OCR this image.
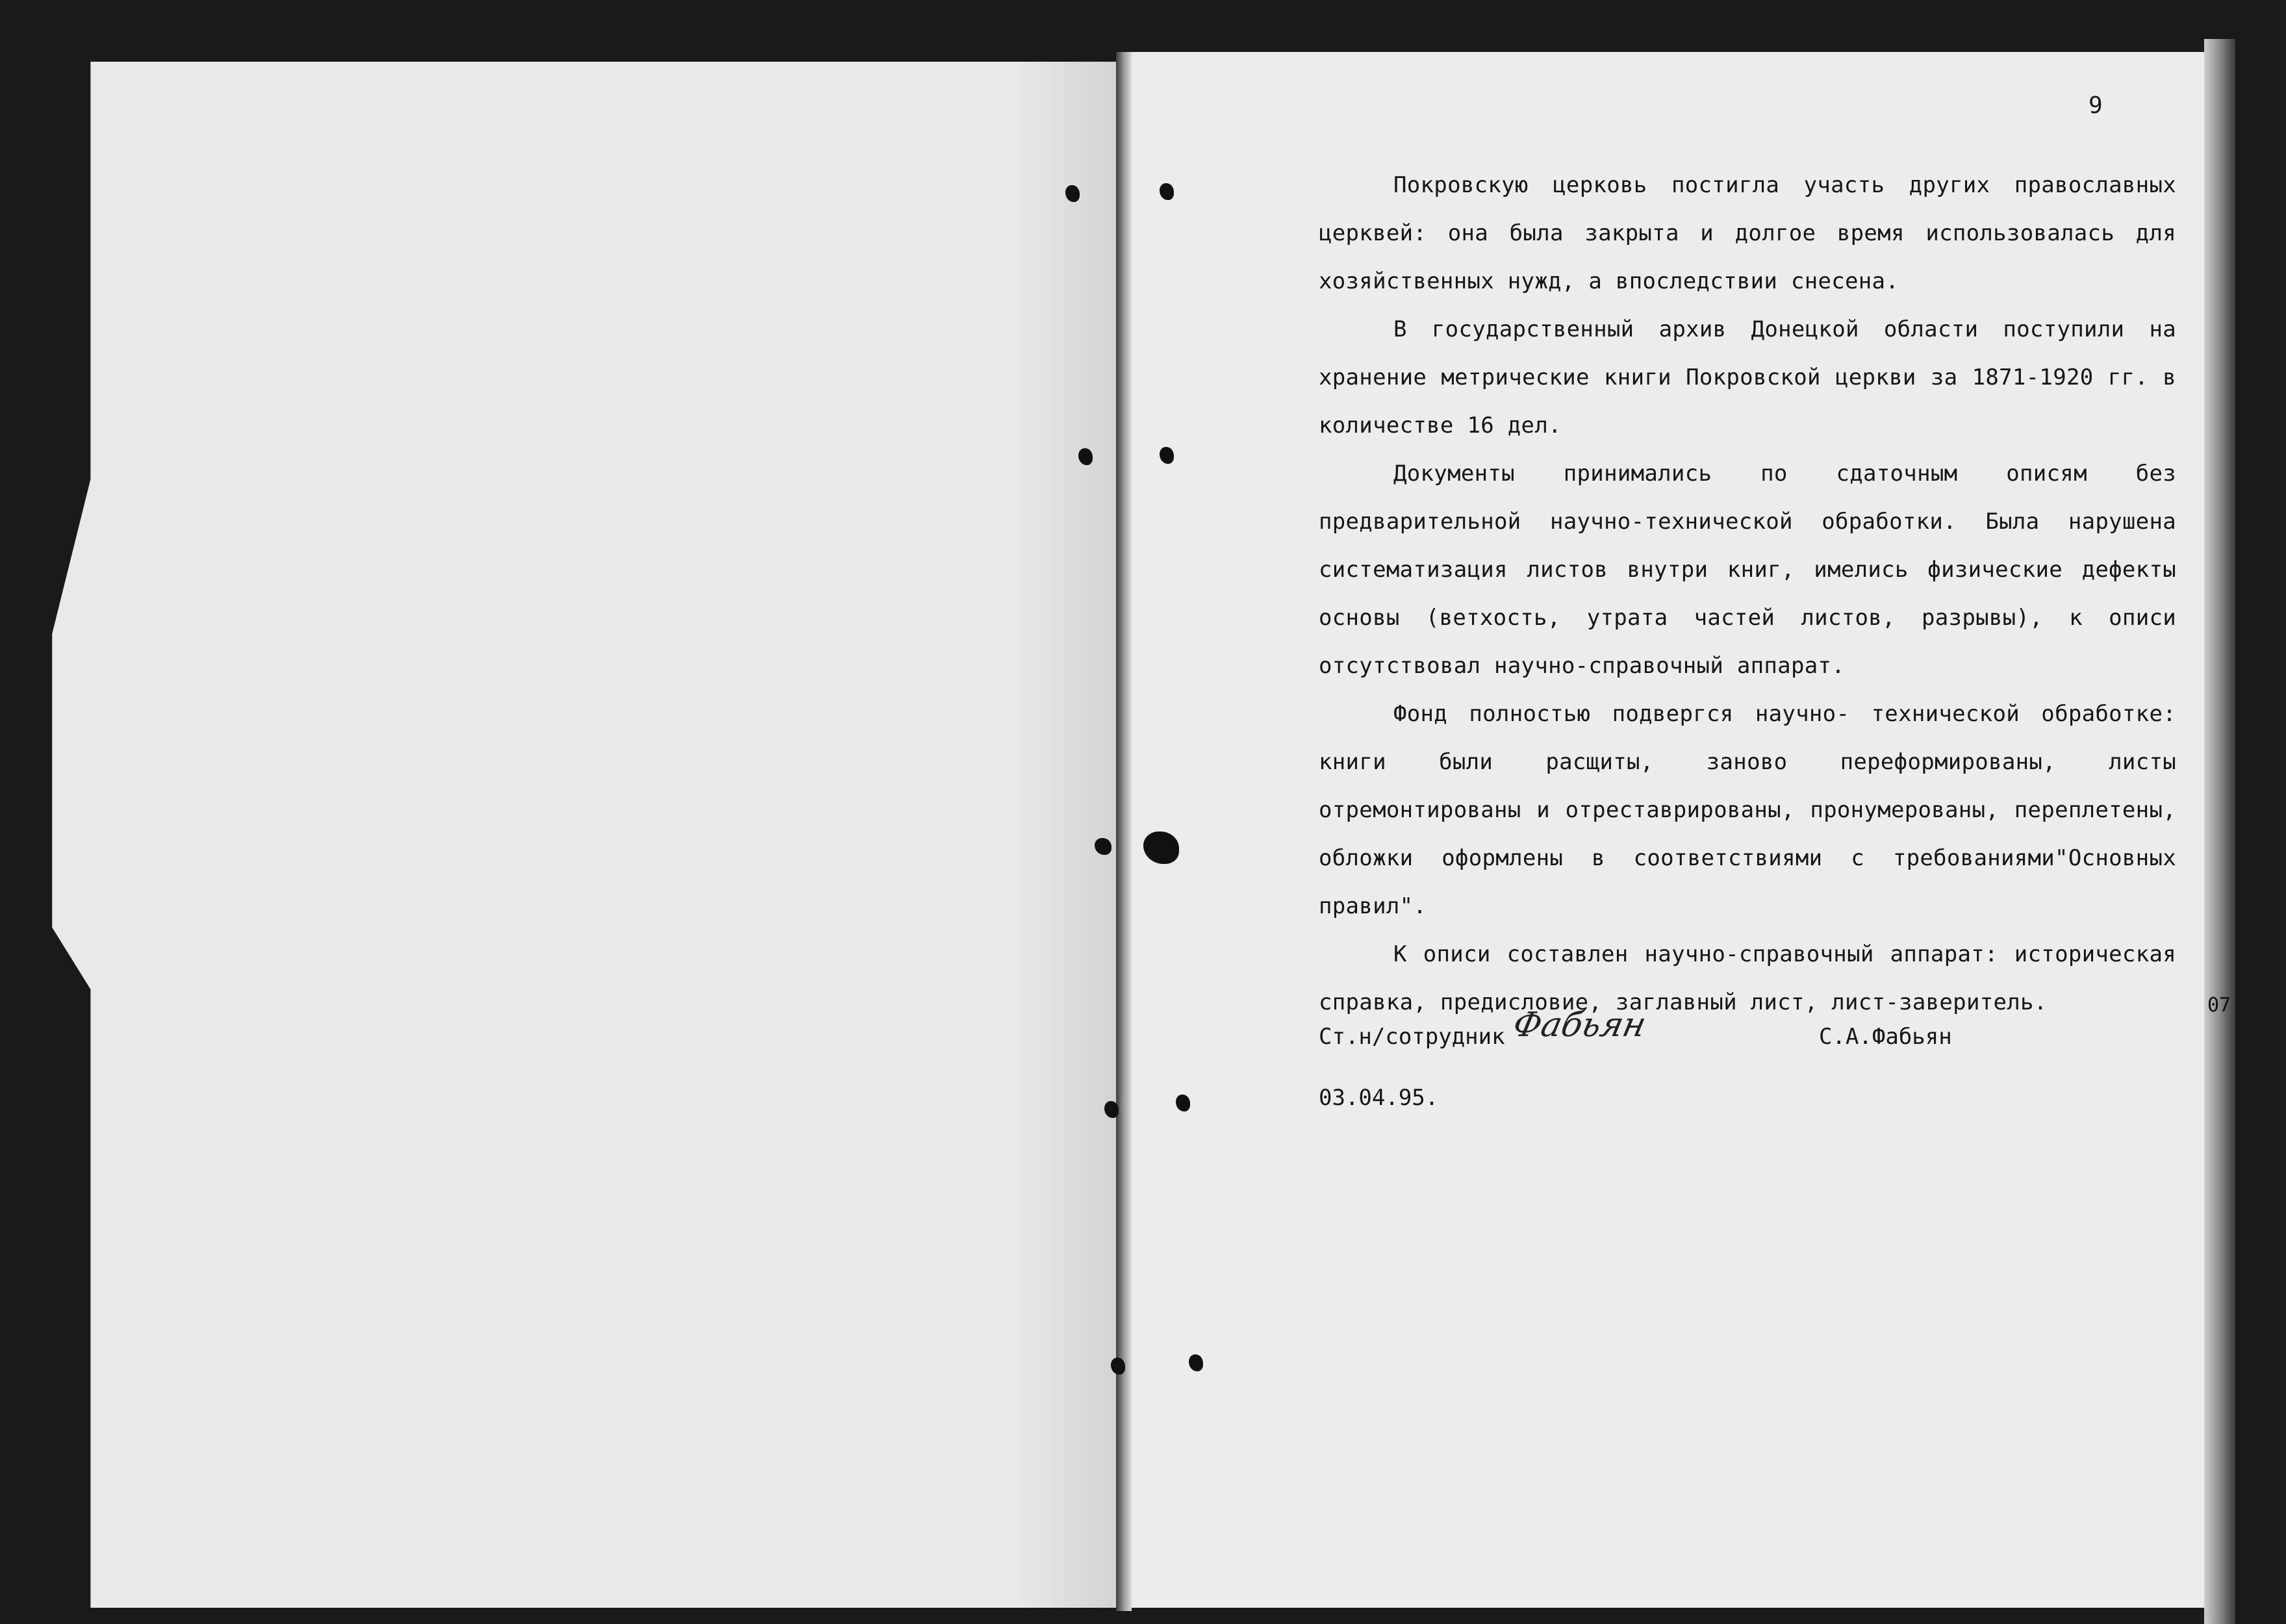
9

Покровскую церковь постигла участь других православных церквей: она была закрыта и долгое время использовалась для хозяйственных нужд, а впоследствии снесена.

В государственный архив Донецкой области поступили на хранение метрические книги Покровской церкви за 1871-1920 гг. в количестве 16 дел.

Документы принимались по сдаточным описям без предварительной научно-технической обработки. Была нарушена систематизация листов внутри книг, имелись физические дефекты основы (ветхость, утрата частей листов, разрывы), к описи отсутствовал научно-справочный аппарат.

Фонд полностью подвергся научно- технической обработке: книги были расщиты, заново переформированы, листы отремонтированы и отреставрированы, пронумерованы, переплетены, обложки оформлены в соответствиями с требованиями"Основных правил".

К описи составлен научно-справочный аппарат: историческая справка, предисловие, заглавный лист, лист-заверитель.

Ст.н/сотрудник Фабьян	С.А.Фабьян
03.04.95.
07
